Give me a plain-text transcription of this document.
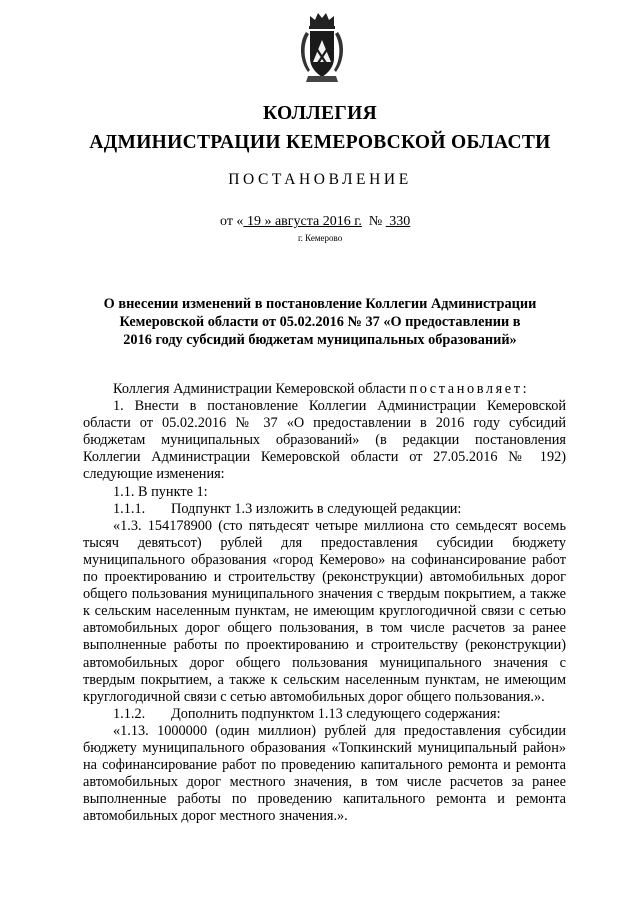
КОЛЛЕГИЯ
АДМИНИСТРАЦИИ КЕМЕРОВСКОЙ ОБЛАСТИ
ПОСТАНОВЛЕНИЕ
от « 19 » августа 2016 г.  №  330
г. Кемерово
О внесении изменений в постановление Коллегии Администрации
Кемеровской области от 05.02.2016 № 37 «О предоставлении в
2016 году субсидий бюджетам муниципальных образований»

Коллегия Администрации Кемеровской области постановляет:

1. Внести в постановление Коллегии Администрации Кемеровской области от 05.02.2016 № 37 «О предоставлении в 2016 году субсидий бюджетам муниципальных образований» (в редакции постановления Коллегии Администрации Кемеровской области от 27.05.2016 № 192) следующие изменения:

1.1. В пункте 1:

1.1.1. Подпункт 1.3 изложить в следующей редакции:

«1.3. 154178900 (сто пятьдесят четыре миллиона сто семьдесят восемь тысяч девятьсот) рублей для предоставления субсидии бюджету муниципального образования «город Кемерово» на софинансирование работ по проектированию и строительству (реконструкции) автомобильных дорог общего пользования муниципального значения с твердым покрытием, а также к сельским населенным пунктам, не имеющим круглогодичной связи с сетью автомобильных дорог общего пользования, в том числе расчетов за ранее выполненные работы по проектированию и строительству (реконструкции) автомобильных дорог общего пользования муниципального значения с твердым покрытием, а также к сельским населенным пунктам, не имеющим круглогодичной связи с сетью автомобильных дорог общего пользования.».

1.1.2. Дополнить подпунктом 1.13 следующего содержания:

«1.13. 1000000 (один миллион) рублей для предоставления субсидии бюджету муниципального образования «Топкинский муниципальный район» на софинансирование работ по проведению капитального ремонта и ремонта автомобильных дорог местного значения, в том числе расчетов за ранее выполненные работы по проведению капитального ремонта и ремонта автомобильных дорог местного значения.».
